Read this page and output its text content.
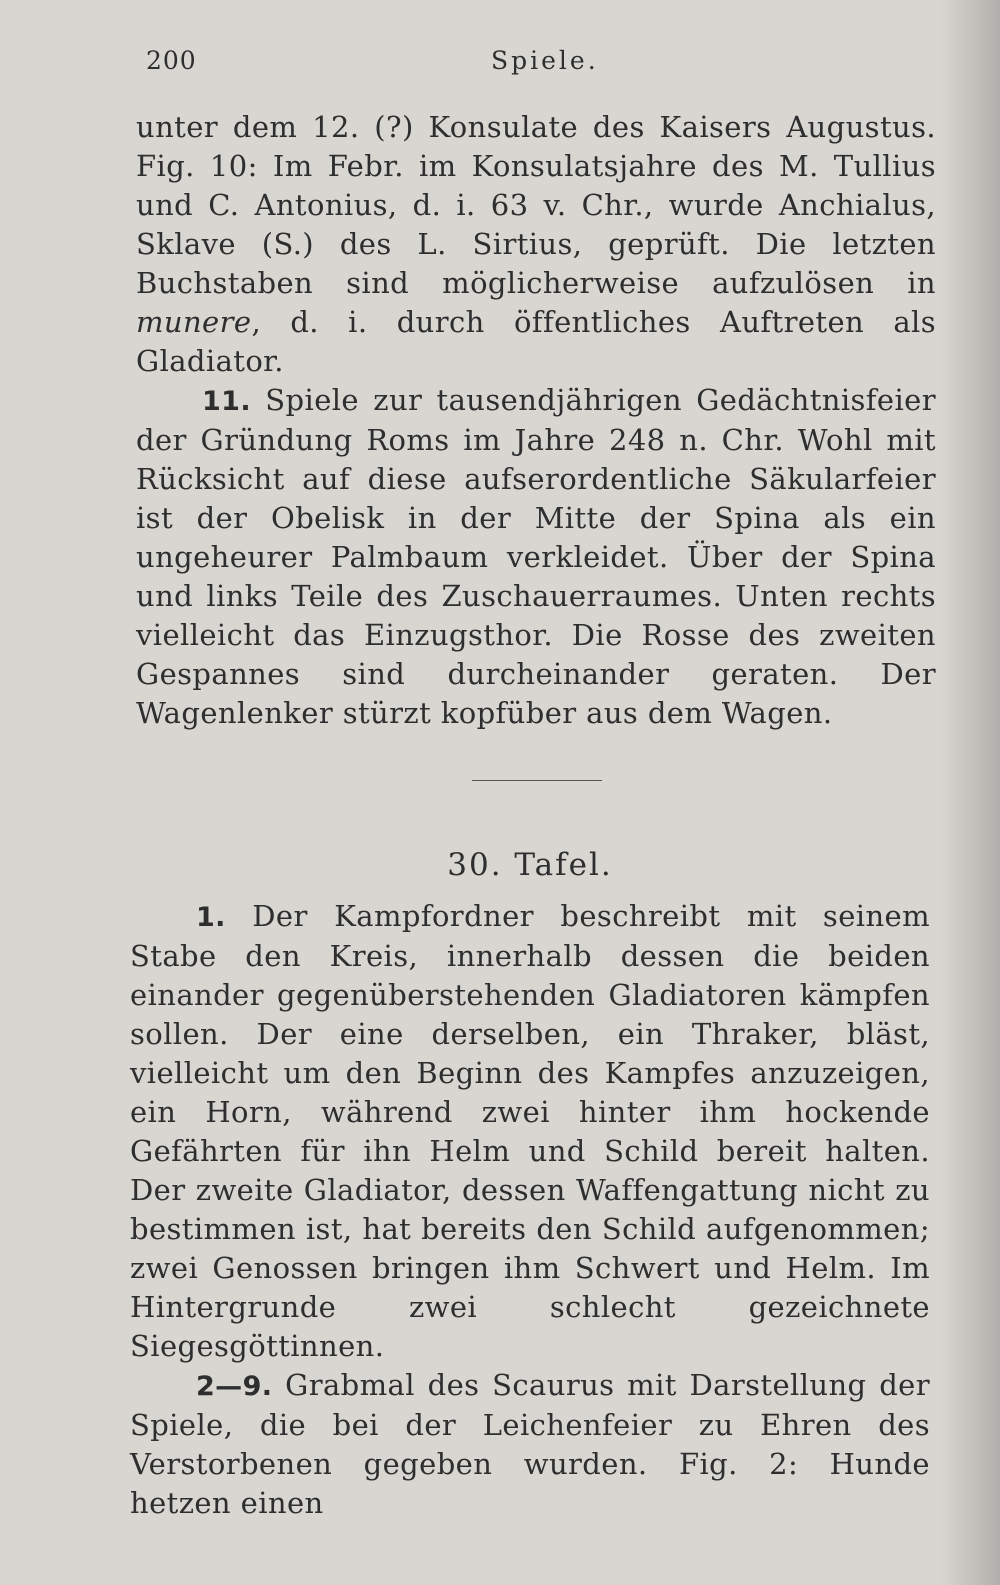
200	Spiele.

unter dem 12. (?) Konsulate des Kaisers Augustus. Fig. 10: Im Febr. im Konsulatsjahre des M. Tullius und C. Antonius, d. i. 63 v. Chr., wurde Anchialus, Sklave (S.) des L. Sirtius, geprüft. Die letzten Buchstaben sind möglicherweise aufzulösen in munere, d. i. durch öffentliches Auftreten als Gladiator.

11. Spiele zur tausendjährigen Gedächtnisfeier der Gründung Roms im Jahre 248 n. Chr. Wohl mit Rücksicht auf diese aufserordentliche Säkularfeier ist der Obelisk in der Mitte der Spina als ein ungeheurer Palmbaum verkleidet. Über der Spina und links Teile des Zuschauerraumes. Unten rechts vielleicht das Einzugsthor. Die Rosse des zweiten Gespannes sind durcheinander geraten. Der Wagenlenker stürzt kopfüber aus dem Wagen.

30. Tafel.

1. Der Kampfordner beschreibt mit seinem Stabe den Kreis, innerhalb dessen die beiden einander gegenüberstehenden Gladiatoren kämpfen sollen. Der eine derselben, ein Thraker, bläst, vielleicht um den Beginn des Kampfes anzuzeigen, ein Horn, während zwei hinter ihm hockende Gefährten für ihn Helm und Schild bereit halten. Der zweite Gladiator, dessen Waffengattung nicht zu bestimmen ist, hat bereits den Schild aufgenommen; zwei Genossen bringen ihm Schwert und Helm. Im Hintergrunde zwei schlecht gezeichnete Siegesgöttinnen.

2—9. Grabmal des Scaurus mit Darstellung der Spiele, die bei der Leichenfeier zu Ehren des Verstorbenen gegeben wurden. Fig. 2: Hunde hetzen einen
